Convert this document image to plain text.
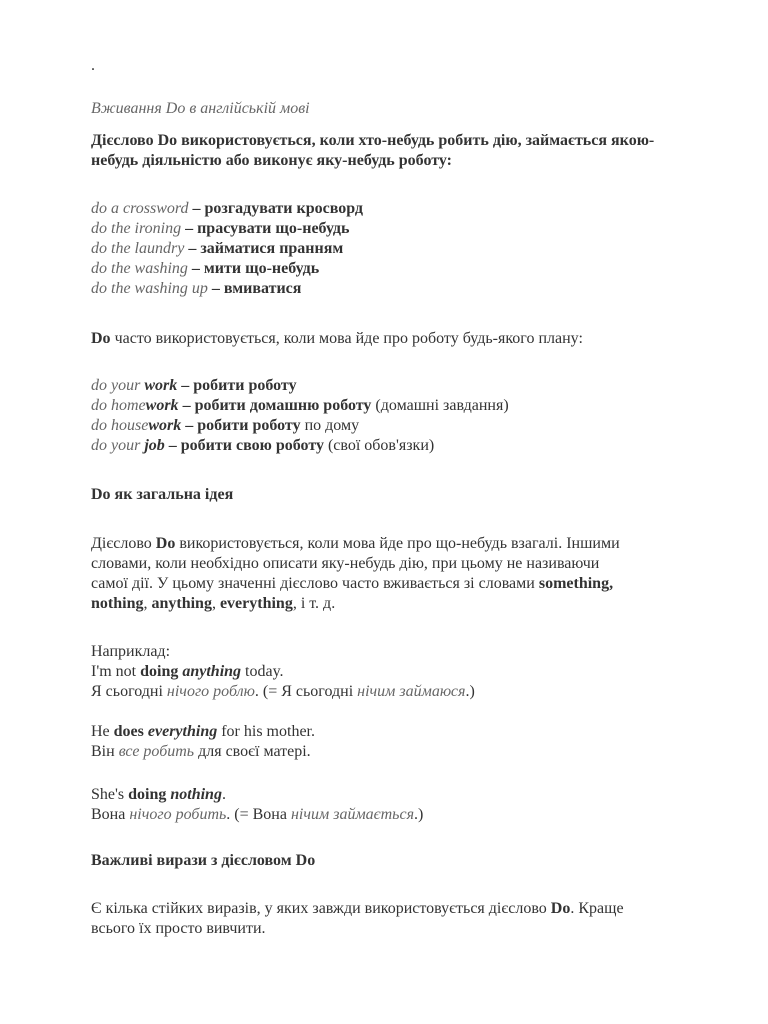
.
Вживання Do в англійській мові
Дієслово Do використовується, коли хто-небудь робить дію, займається якою-
небудь діяльністю або виконує яку-небудь роботу:
do a crossword – розгадувати кросворд
do the ironing – прасувати що-небудь
do the laundry – займатися пранням
do the washing – мити що-небудь
do the washing up – вмиватися
Do часто використовується, коли мова йде про роботу будь-якого плану:
do your work – робити роботу
do homework – робити домашню роботу (домашні завдання)
do housework – робити роботу по дому
do your job – робити свою роботу (свої обов'язки)
Do як загальна ідея
Дієслово Do використовується, коли мова йде про що-небудь взагалі. Іншими
словами, коли необхідно описати яку-небудь дію, при цьому не називаючи
самої дії. У цьому значенні дієслово часто вживається зі словами something,
nothing, anything, everything, і т. д.
Наприклад:
I'm not doing anything today.
Я сьогодні нічого роблю. (= Я сьогодні нічим займаюся.)
He does everything for his mother.
Він все робить для своєї матері.
She's doing nothing.
Вона нічого робить. (= Вона нічим займається.)
Важливі вирази з дієсловом Do
Є кілька стійких виразів, у яких завжди використовується дієслово Do. Краще
всього їх просто вивчити.
